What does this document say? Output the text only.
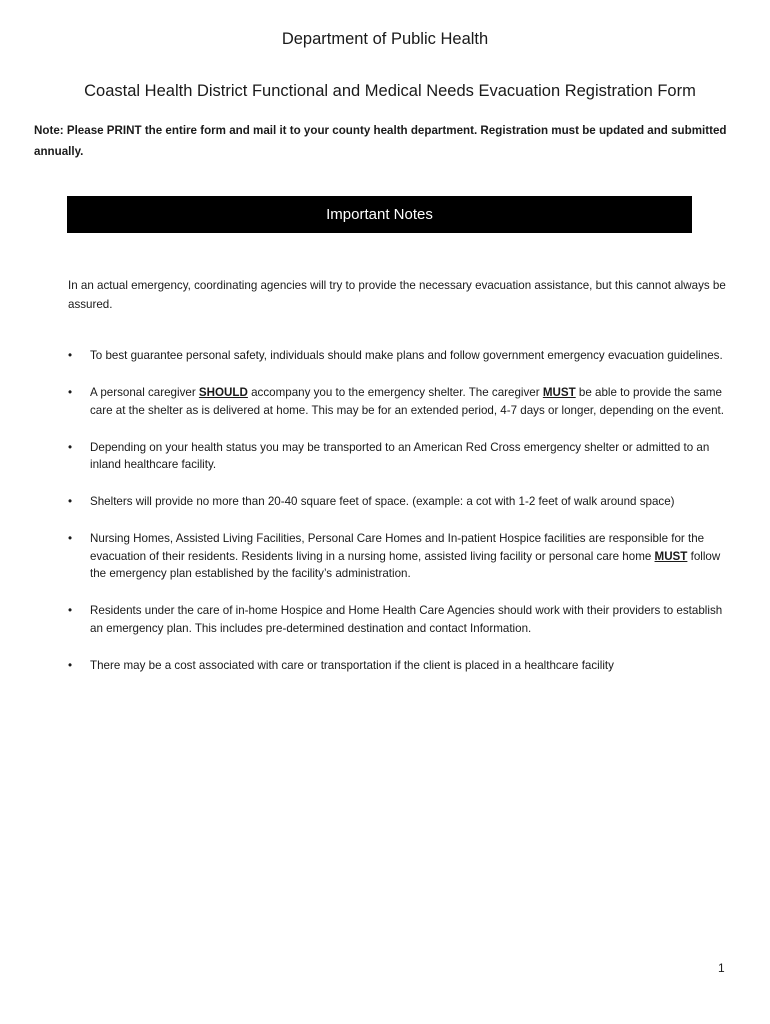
Department of Public Health
Coastal Health District Functional and Medical Needs Evacuation Registration Form
Note: Please PRINT the entire form and mail it to your county health department. Registration must be updated and submitted annually.
Important Notes
In an actual emergency, coordinating agencies will try to provide the necessary evacuation assistance, but this cannot always be assured.
• To best guarantee personal safety, individuals should make plans and follow government emergency evacuation guidelines.
• A personal caregiver SHOULD accompany you to the emergency shelter. The caregiver MUST be able to provide the same care at the shelter as is delivered at home. This may be for an extended period, 4-7 days or longer, depending on the event.
• Depending on your health status you may be transported to an American Red Cross emergency shelter or admitted to an inland healthcare facility.
• Shelters will provide no more than 20-40 square feet of space. (example: a cot with 1-2 feet of walk around space)
• Nursing Homes, Assisted Living Facilities, Personal Care Homes and In-patient Hospice facilities are responsible for the evacuation of their residents. Residents living in a nursing home, assisted living facility or personal care home MUST follow the emergency plan established by the facility’s administration.
• Residents under the care of in-home Hospice and Home Health Care Agencies should work with their providers to establish an emergency plan. This includes pre-determined destination and contact Information.
• There may be a cost associated with care or transportation if the client is placed in a healthcare facility
1
